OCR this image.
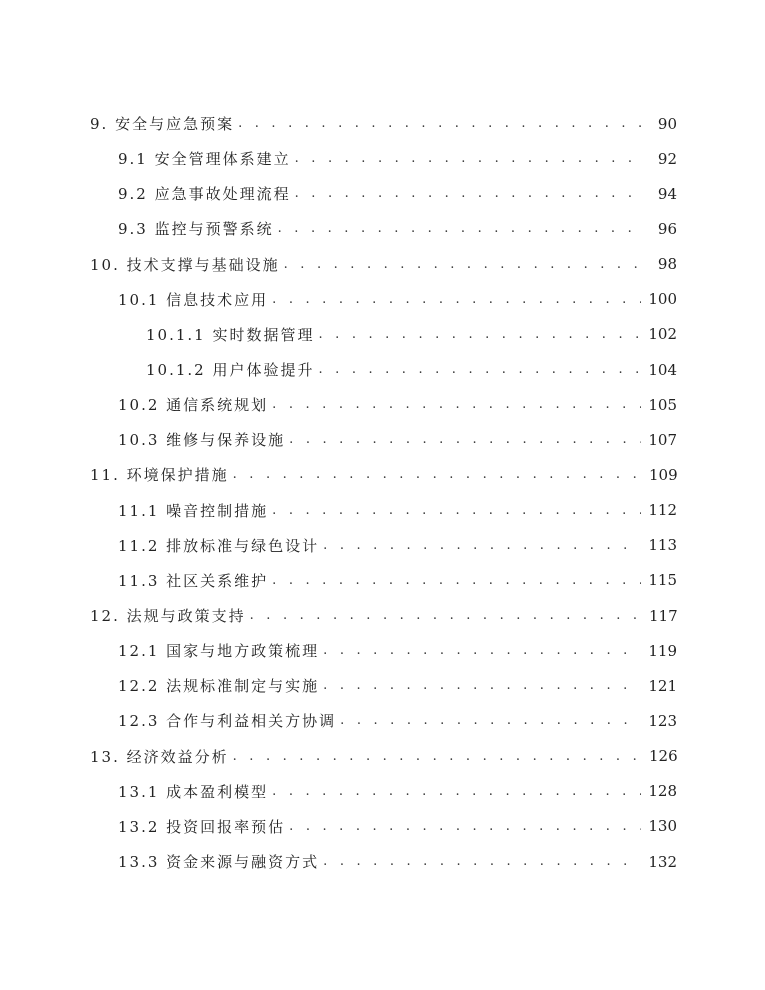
9. 安全与应急预案 . . .	90
9.1 安全管理体系建立 . . .	92
9.2 应急事故处理流程 . . .	94
9.3 监控与预警系统 . . .	96
10. 技术支撑与基础设施 . . .	98
10.1 信息技术应用 . . .	100
10.1.1 实时数据管理 . . .	102
10.1.2 用户体验提升 . . .	104
10.2 通信系统规划 . . .	105
10.3 维修与保养设施 . . .	107
11. 环境保护措施 . . .	109
11.1 噪音控制措施 . . .	112
11.2 排放标准与绿色设计 . . .	113
11.3 社区关系维护 . . .	115
12. 法规与政策支持 . . .	117
12.1 国家与地方政策梳理 . . .	119
12.2 法规标准制定与实施 . . .	121
12.3 合作与利益相关方协调 . . .	123
13. 经济效益分析 . . .	126
13.1 成本盈利模型 . . .	128
13.2 投资回报率预估 . . .	130
13.3 资金来源与融资方式 . . .	132
